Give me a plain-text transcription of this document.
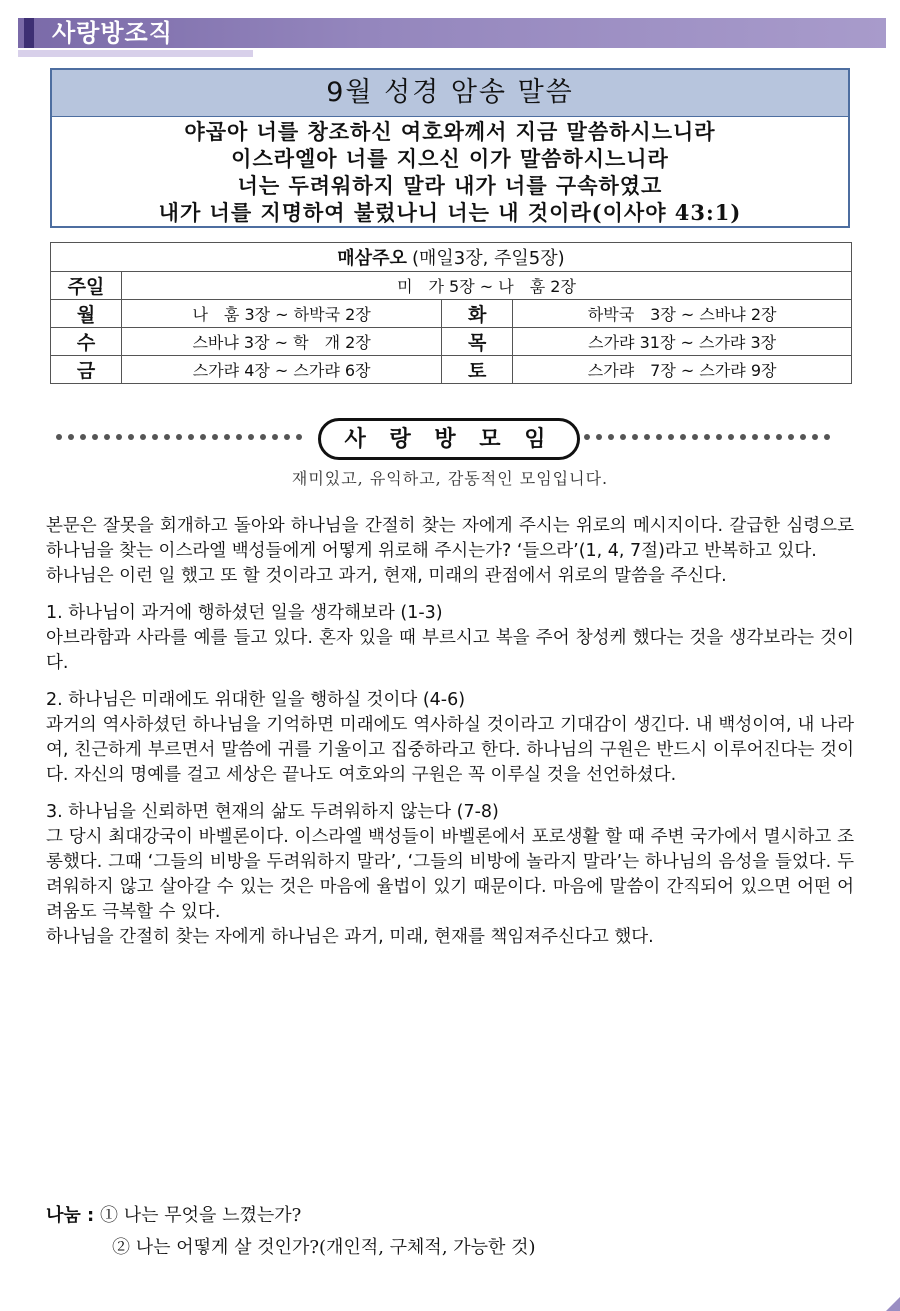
사랑방조직
9월 성경 암송 말씀
야곱아 너를 창조하신 여호와께서 지금 말씀하시느니라
이스라엘아 너를 지으신 이가 말씀하시느니라
너는 두려워하지 말라 내가 너를 구속하였고
내가 너를 지명하여 불렀나니 너는 내 것이라(이사야 43:1)
매삼주오 (매일3장, 주일5장)			
주일	미　가 5장 ~ 나　훔 2장		
월	나　훔 3장 ~ 하박국 2장	화	하박국　3장 ~ 스바냐 2장
수	스바냐 3장 ~ 학　개 2장	목	스가랴 31장 ~ 스가랴 3장
금	스가랴 4장 ~ 스가랴 6장	토	스가랴　7장 ~ 스가랴 9장
사 랑 방 모 임
재미있고, 유익하고, 감동적인 모임입니다.

본문은 잘못을 회개하고 돌아와 하나님을 간절히 찾는 자에게 주시는 위로의 메시지이다. 갈급한 심령으로 하나님을 찾는 이스라엘 백성들에게 어떻게 위로해 주시는가? ‘들으라’(1, 4, 7절)라고 반복하고 있다.

하나님은 이런 일 했고 또 할 것이라고 과거, 현재, 미래의 관점에서 위로의 말씀을 주신다.

1. 하나님이 과거에 행하셨던 일을 생각해보라 (1-3)

아브라함과 사라를 예를 들고 있다. 혼자 있을 때 부르시고 복을 주어 창성케 했다는 것을 생각보라는 것이다.

2. 하나님은 미래에도 위대한 일을 행하실 것이다 (4-6)

과거의 역사하셨던 하나님을 기억하면 미래에도 역사하실 것이라고 기대감이 생긴다. 내 백성이여, 내 나라여, 친근하게 부르면서 말씀에 귀를 기울이고 집중하라고 한다. 하나님의 구원은 반드시 이루어진다는 것이다. 자신의 명예를 걸고 세상은 끝나도 여호와의 구원은 꼭 이루실 것을 선언하셨다.

3. 하나님을 신뢰하면 현재의 삶도 두려워하지 않는다 (7-8)

그 당시 최대강국이 바벨론이다. 이스라엘 백성들이 바벨론에서 포로생활 할 때 주변 국가에서 멸시하고 조롱했다. 그때 ‘그들의 비방을 두려워하지 말라’, ‘그들의 비방에 놀라지 말라’는 하나님의 음성을 들었다. 두려워하지 않고 살아갈 수 있는 것은 마음에 율법이 있기 때문이다. 마음에 말씀이 간직되어 있으면 어떤 어려움도 극복할 수 있다.

하나님을 간절히 찾는 자에게 하나님은 과거, 미래, 현재를 책임져주신다고 했다.

나눔 : ① 나는 무엇을 느꼈는가?
② 나는 어떻게 살 것인가?(개인적, 구체적, 가능한 것)
